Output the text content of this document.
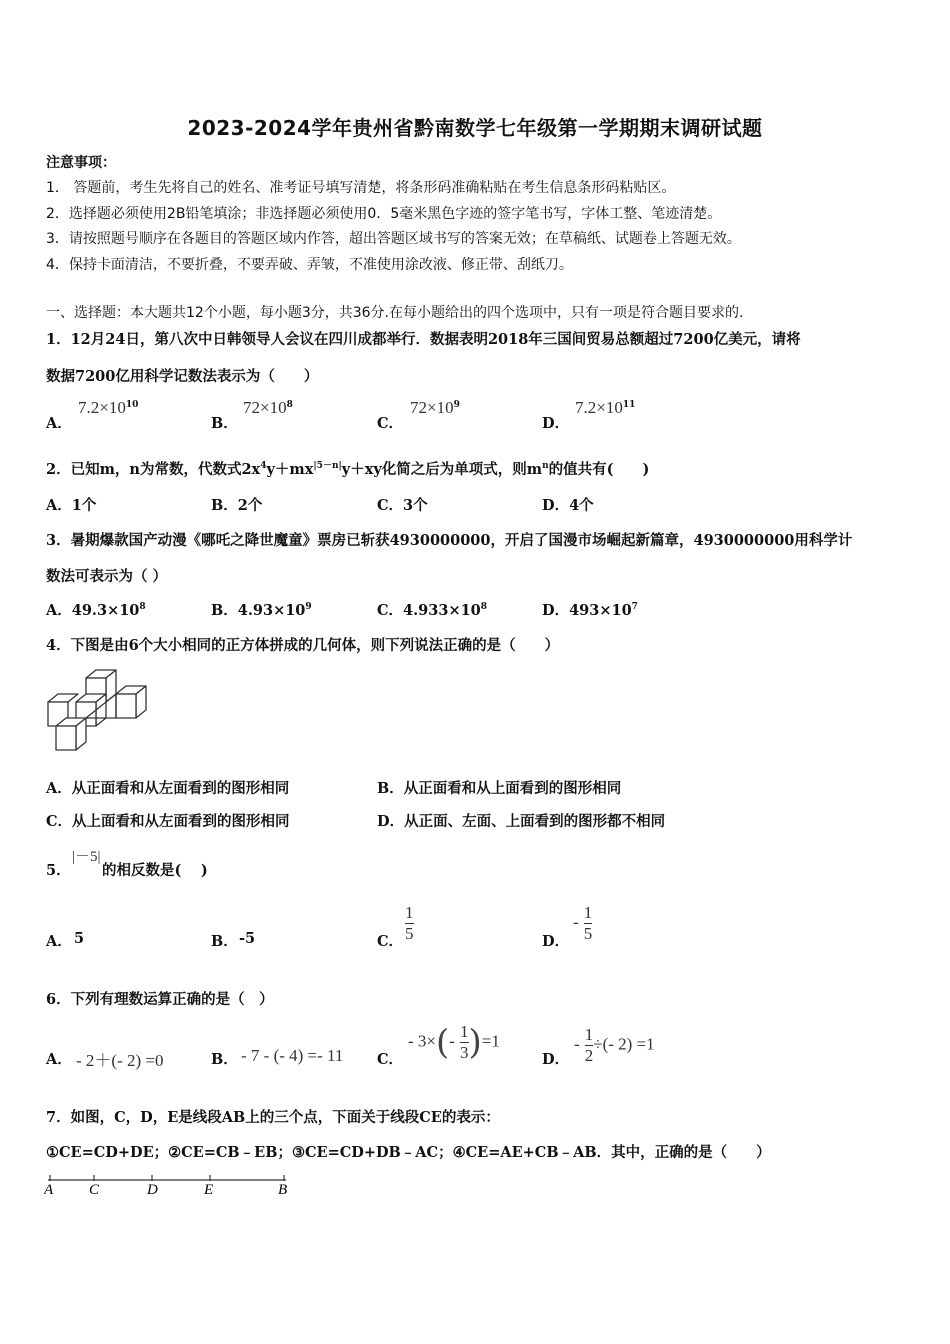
2023-2024学年贵州省黔南数学七年级第一学期期末调研试题
注意事项：
1． 答题前，考生先将自己的姓名、准考证号填写清楚，将条形码准确粘贴在考生信息条形码粘贴区。
2．选择题必须使用2B铅笔填涂；非选择题必须使用0．5毫米黑色字迹的签字笔书写，字体工整、笔迹清楚。
3．请按照题号顺序在各题目的答题区域内作答，超出答题区域书写的答案无效；在草稿纸、试题卷上答题无效。
4．保持卡面清洁，不要折叠，不要弄破、弄皱，不准使用涂改液、修正带、刮纸刀。
一、选择题：本大题共12个小题，每小题3分，共36分.在每小题给出的四个选项中，只有一项是符合题目要求的.
1．12月24日，第八次中日韩领导人会议在四川成都举行．数据表明2018年三国间贸易总额超过7200亿美元，请将
数据7200亿用科学记数法表示为（　　）
A．
$7.2\times 10^{10}$
B．
$72\times 10^8$
C．
$72\times 10^9$
D．
$7.2\times 10^{11}$
2．已知m，n为常数，代数式$2x^4y+mx^{|5-n|}y+xy$化简之后为单项式，则$m^n$的值共有(　　)
A．1个	B．2个	C．3个	D．4个
3．暑期爆款国产动漫《哪吒之降世魔童》票房已斩获4930000000，开启了国漫市场崛起新篇章，4930000000用科学计
数法可表示为（ ）
A．$49.3\times 10^8$	B．$4.93\times 10^9$	C．$4.933\times 10^8$	D．$493\times 10^7$
4．下图是由6个大小相同的正方体拼成的几何体，则下列说法正确的是（　　）
A．从正面看和从左面看到的图形相同	B．从正面看和从上面看到的图形相同
C．从上面看和从左面看到的图形相同	D．从正面、左面、上面看到的图形都不相同
5．
|－5|
的相反数是(　 )
A． 5	B． -5	C． $\frac{1}{5}$	D．
- $\frac{1}{5}$
6．下列有理数运算正确的是（　）
A． - 2＋(- 2) =0	B． - 7 - (- 4) =- 11 C．
- $3\times(- \frac{1}{3} )=1$
D．
- $\frac{1}{2}$ ÷(- 2) =1
7．如图，C，D，E是线段AB上的三个点，下面关于线段CE的表示：
①CE=CD+DE；②CE=CB﹣EB；③CE=CD+DB﹣AC；④CE=AE+CB﹣AB．其中，正确的是（　　）
A C	D	E	B
